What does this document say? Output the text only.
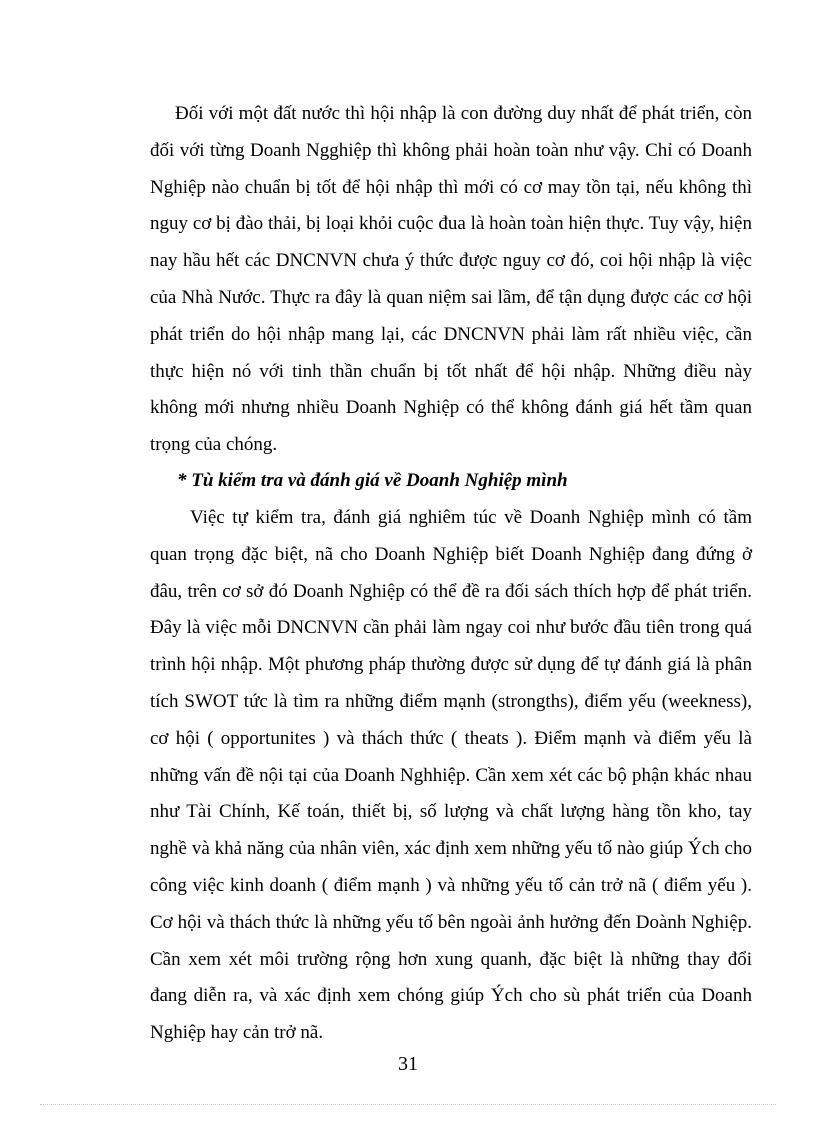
Đối với một đất nước thì hội nhập là con đường duy nhất để phát triển, còn đối với từng Doanh Ngghiệp thì không phải hoàn toàn như vậy. Chỉ có Doanh Nghiệp nào chuẩn bị tốt để hội nhập thì mới có cơ may tồn tại, nếu không thì nguy cơ bị đào thải, bị loại khỏi cuộc đua là hoàn toàn hiện thực. Tuy vậy, hiện nay hầu hết các DNCNVN chưa ý thức được nguy cơ đó, coi hội nhập là việc của Nhà Nước. Thực ra đây là quan niệm sai lầm, để tận dụng được các cơ hội phát triển do hội nhập mang lại, các DNCNVN phải làm rất nhiều việc, cần thực hiện nó với tinh thần chuẩn bị tốt nhất để hội nhập. Những điều này không mới nhưng nhiều Doanh Nghiệp có thể không đánh giá hết tầm quan trọng của chóng.

* Tù kiểm tra và đánh giá về Doanh Nghiệp mình

Việc tự kiểm tra, đánh giá nghiêm túc về Doanh Nghiệp mình có tầm quan trọng đặc biệt, nã cho Doanh Nghiệp biết Doanh Nghiệp đang đứng ở đâu, trên cơ sở đó Doanh Nghiệp có thể đề ra đối sách thích hợp để phát triển. Đây là việc mỗi DNCNVN cần phải làm ngay coi như bước đầu tiên trong quá trình hội nhập. Một phương pháp thường được sử dụng để tự đánh giá là phân tích SWOT tức là tìm ra những điểm mạnh (strongths), điểm yếu (weekness), cơ hội ( opportunites ) và thách thức ( theats ). Điểm mạnh và điểm yếu là những vấn đề nội tại của Doanh Nghhiệp. Cần xem xét các bộ phận khác nhau như Tài Chính, Kế toán, thiết bị, số lượng và chất lượng hàng tồn kho, tay nghề và khả năng của nhân viên, xác định xem những yếu tố nào giúp Ých cho công việc kinh doanh ( điểm mạnh ) và những yếu tố cản trở nã ( điểm yếu ). Cơ hội và thách thức là những yếu tố bên ngoài ảnh hưởng đến Doành Nghiệp. Cần xem xét môi trường rộng hơn xung quanh, đặc biệt là những thay đổi đang diễn ra, và xác định xem chóng giúp Ých cho sù phát triển của Doanh Nghiệp hay cản trở nã.

31
